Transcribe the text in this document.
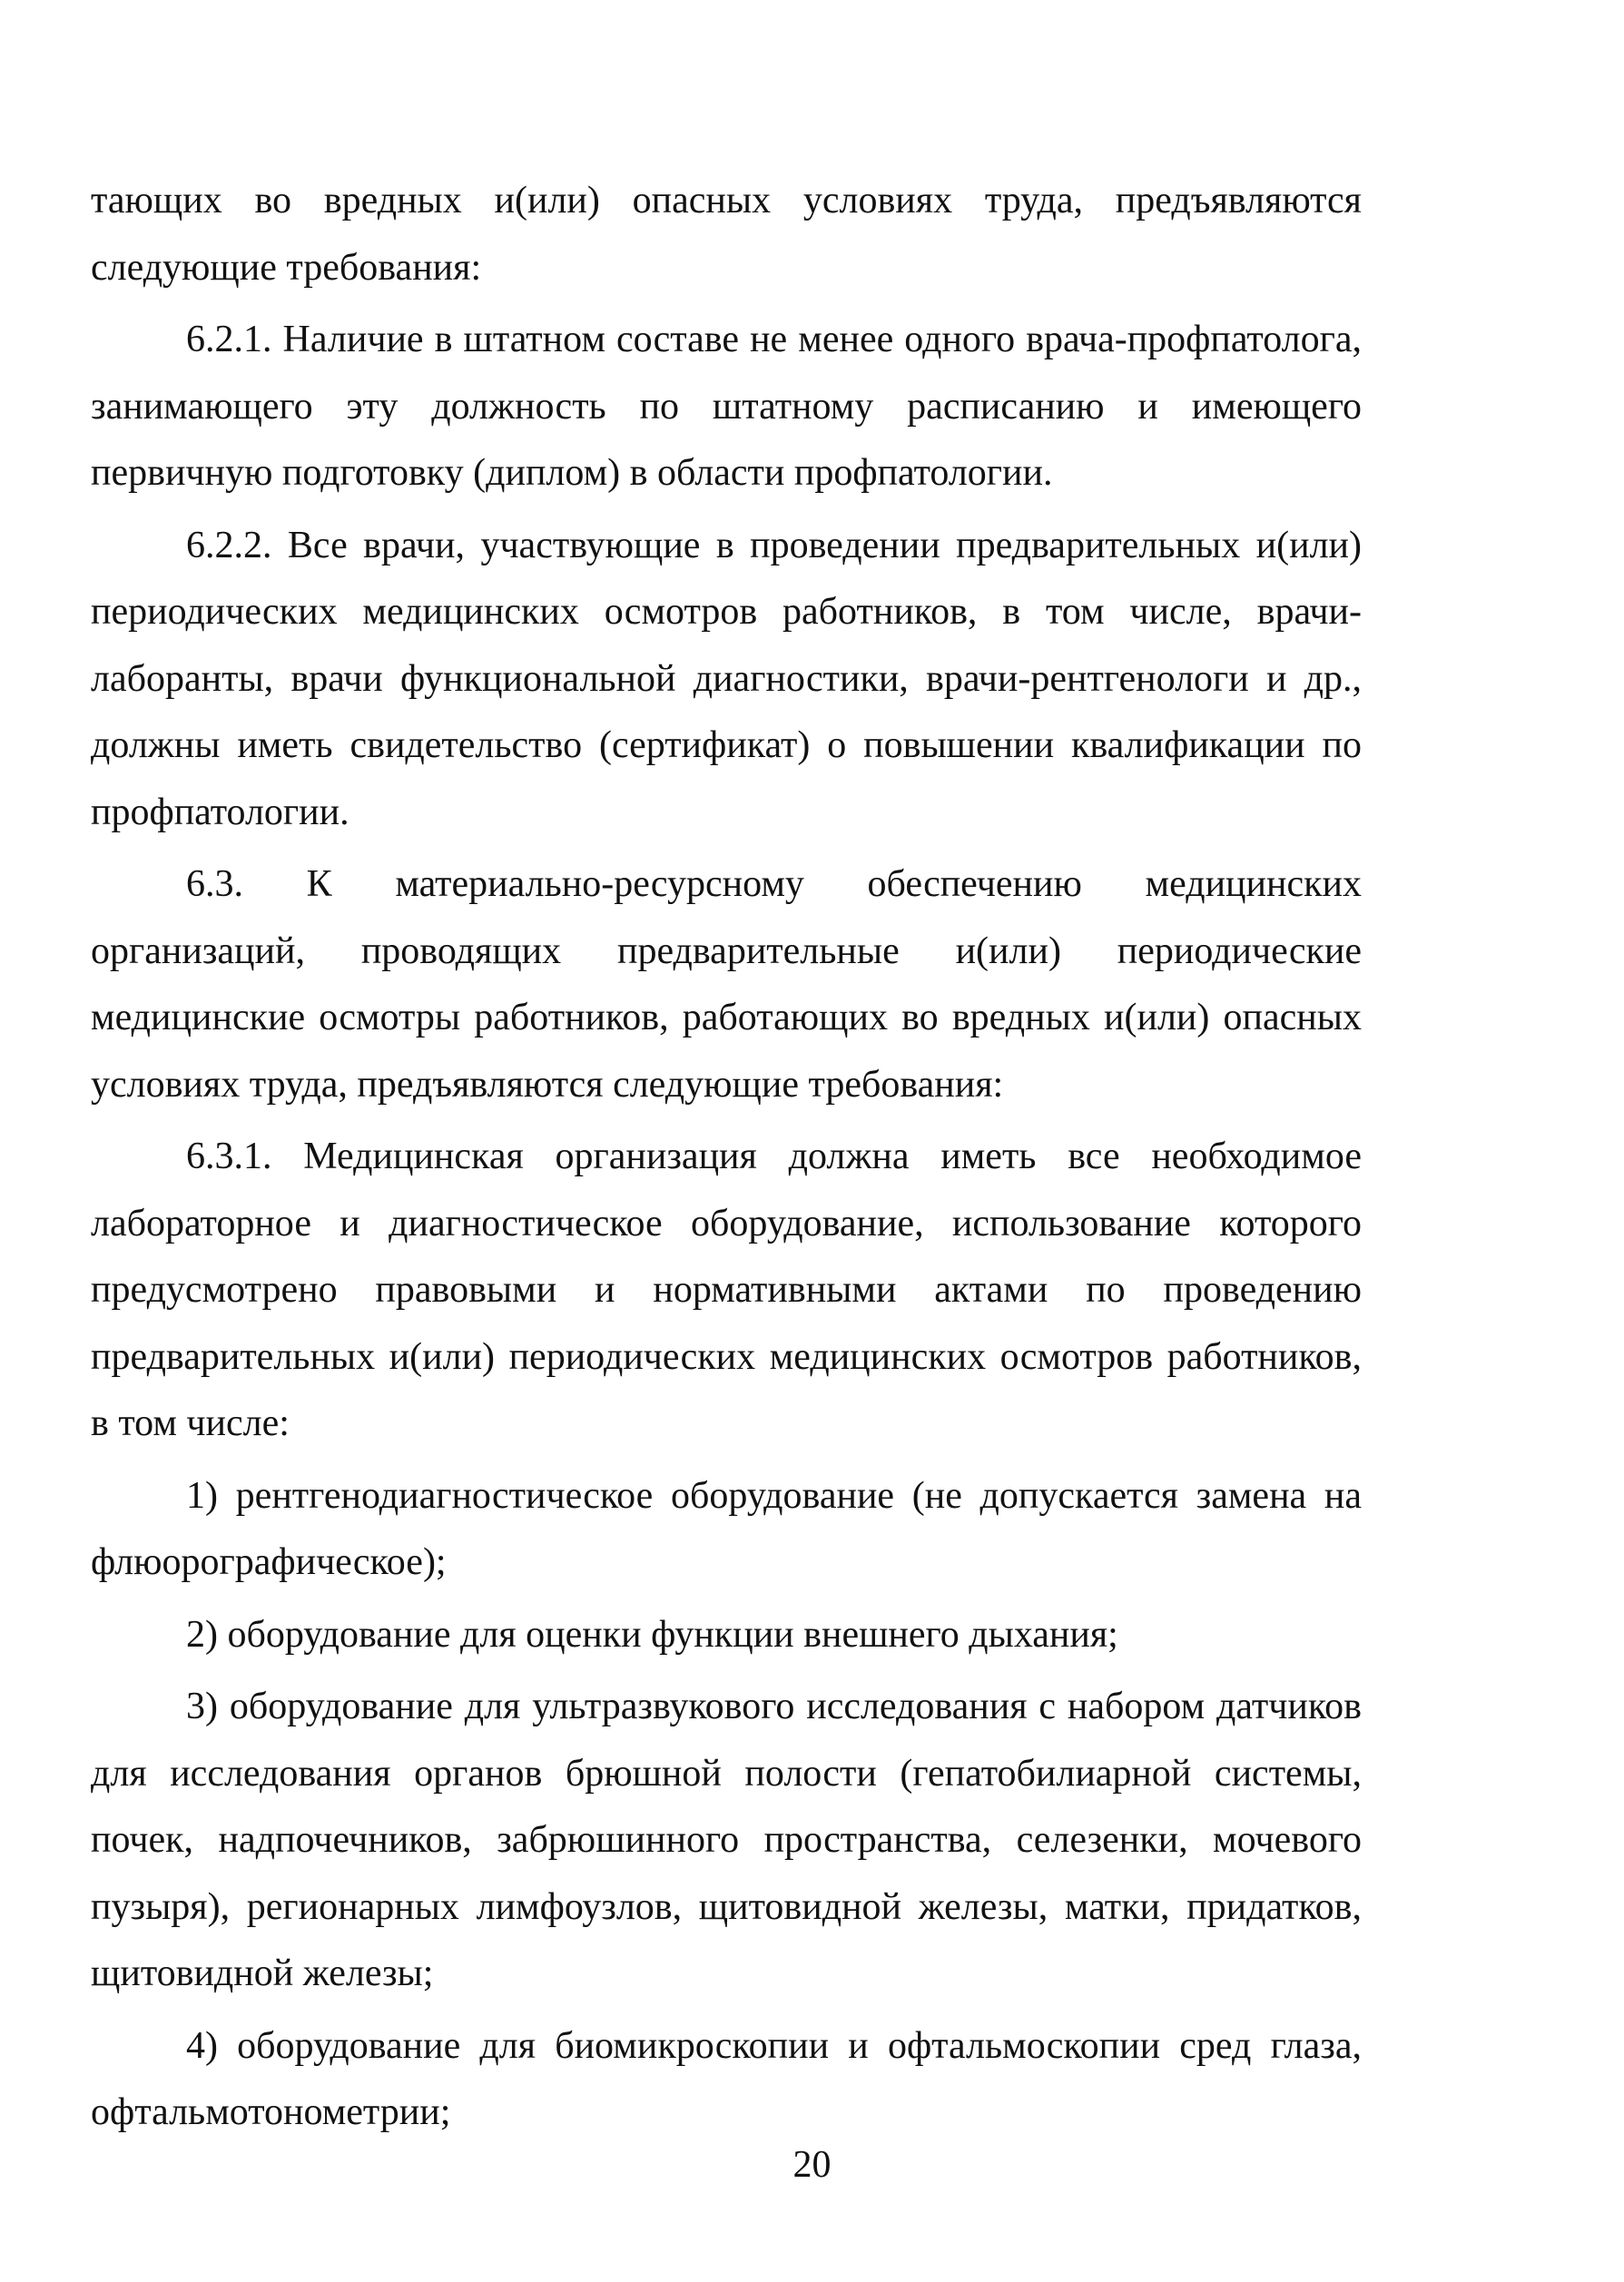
тающих во вредных и(или) опасных условиях труда, предъявляются следующие требования:

6.2.1. Наличие в штатном составе не менее одного врача-профпатолога, занимающего эту должность по штатному расписанию и имеющего первичную подготовку (диплом) в области профпатологии.

6.2.2. Все врачи, участвующие в проведении предварительных и(или) периодических медицинских осмотров работников, в том числе, врачи-лаборанты, врачи функциональной диагностики, врачи-рентгенологи и др., должны иметь свидетельство (сертификат) о повышении квалификации по профпатологии.

6.3. К материально-ресурсному обеспечению медицинских организаций, проводящих предварительные и(или) периодические медицинские осмотры работников, работающих во вредных и(или) опасных условиях труда, предъявляются следующие требования:

6.3.1. Медицинская организация должна иметь все необходимое лабораторное и диагностическое оборудование, использование которого предусмотрено правовыми и нормативными актами по проведению предварительных и(или) периодических медицинских осмотров работников, в том числе:

1) рентгенодиагностическое оборудование (не допускается замена на флюорографическое);

2) оборудование для оценки функции внешнего дыхания;

3) оборудование для ультразвукового исследования с набором датчиков для исследования органов брюшной полости (гепатобилиарной системы, почек, надпочечников, забрюшинного пространства, селезенки, мочевого пузыря), регионарных лимфоузлов, щитовидной железы, матки, придатков, щитовидной железы;

4) оборудование для биомикроскопии и офтальмоскопии сред глаза, офтальмотонометрии;

20
